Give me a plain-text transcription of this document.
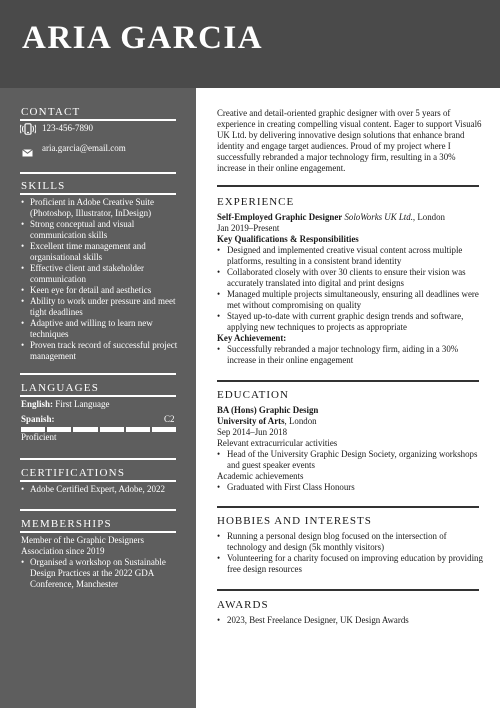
ARIA GARCIA
CONTACT
123-456-7890
aria.garcia@email.com
SKILLS
• Proficient in Adobe Creative Suite (Photoshop, Illustrator, InDesign)
• Strong conceptual and visual communication skills
• Excellent time management and organisational skills
• Effective client and stakeholder communication
• Keen eye for detail and aesthetics
• Ability to work under pressure and meet tight deadlines
• Adaptive and willing to learn new techniques
• Proven track record of successful project management
LANGUAGES
English: First Language
Spanish:	C2
Proficient
CERTIFICATIONS
• Adobe Certified Expert, Adobe, 2022
MEMBERSHIPS
Member of the Graphic Designers Association since 2019
• Organised a workshop on Sustainable Design Practices at the 2022 GDA Conference, Manchester
Creative and detail-oriented graphic designer with over 5 years of experience in creating compelling visual content. Eager to support Visual6 UK Ltd. by delivering innovative design solutions that enhance brand identity and engage target audiences. Proud of my project where I successfully rebranded a major technology firm, resulting in a 30% increase in their online engagement.
EXPERIENCE
Self-Employed Graphic Designer SoloWorks UK Ltd., London
Jan 2019–Present
Key Qualifications & Responsibilities
• Designed and implemented creative visual content across multiple platforms, resulting in a consistent brand identity
• Collaborated closely with over 30 clients to ensure their vision was accurately translated into digital and print designs
• Managed multiple projects simultaneously, ensuring all deadlines were met without compromising on quality
• Stayed up-to-date with current graphic design trends and software, applying new techniques to projects as appropriate
Key Achievement:
• Successfully rebranded a major technology firm, aiding in a 30% increase in their online engagement
EDUCATION
BA (Hons) Graphic Design
University of Arts, London
Sep 2014–Jun 2018
Relevant extracurricular activities
• Head of the University Graphic Design Society, organizing workshops and guest speaker events
Academic achievements
• Graduated with First Class Honours
HOBBIES AND INTERESTS
• Running a personal design blog focused on the intersection of technology and design (5k monthly visitors)
• Volunteering for a charity focused on improving education by providing free design resources
AWARDS
• 2023, Best Freelance Designer, UK Design Awards
